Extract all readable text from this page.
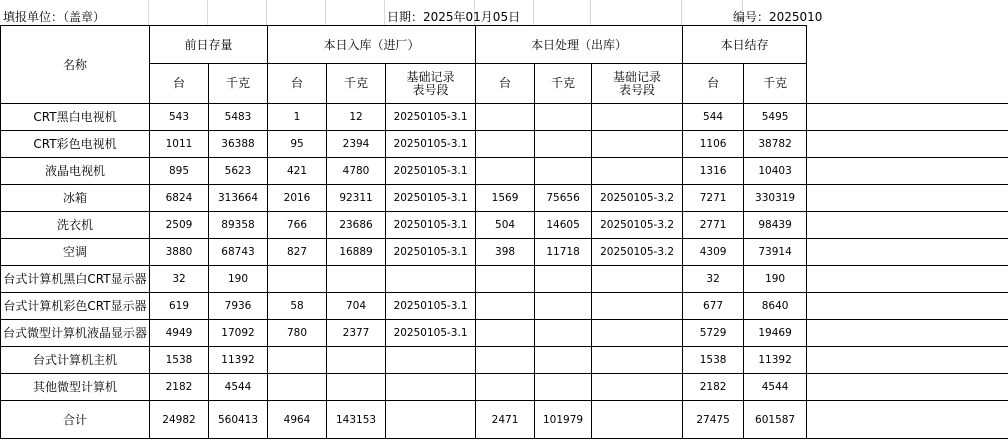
填报单位：（盖章）	日期：2025年01月05日	编号：2025010
名称	前日存量		本日入库（进厂）			本日处理（出库）			本日结存		
	台	千克	台	千克	基础记录表号段	台	千克	基础记录表号段	台	千克	
CRT黑白电视机	543	5483	1	12	20250105-3.1				544	5495	
CRT彩色电视机	1011	36388	95	2394	20250105-3.1				1106	38782	
液晶电视机	895	5623	421	4780	20250105-3.1				1316	10403	
冰箱	6824	313664	2016	92311	20250105-3.1	1569	75656	20250105-3.2	7271	330319	
洗衣机	2509	89358	766	23686	20250105-3.1	504	14605	20250105-3.2	2771	98439	
空调	3880	68743	827	16889	20250105-3.1	398	11718	20250105-3.2	4309	73914	
台式计算机黑白CRT显示器	32	190							32	190	
台式计算机彩色CRT显示器	619	7936	58	704	20250105-3.1				677	8640	
台式微型计算机液晶显示器	4949	17092	780	2377	20250105-3.1				5729	19469	
台式计算机主机	1538	11392							1538	11392	
其他微型计算机	2182	4544							2182	4544	
合计	24982	560413	4964	143153		2471	101979		27475	601587	
